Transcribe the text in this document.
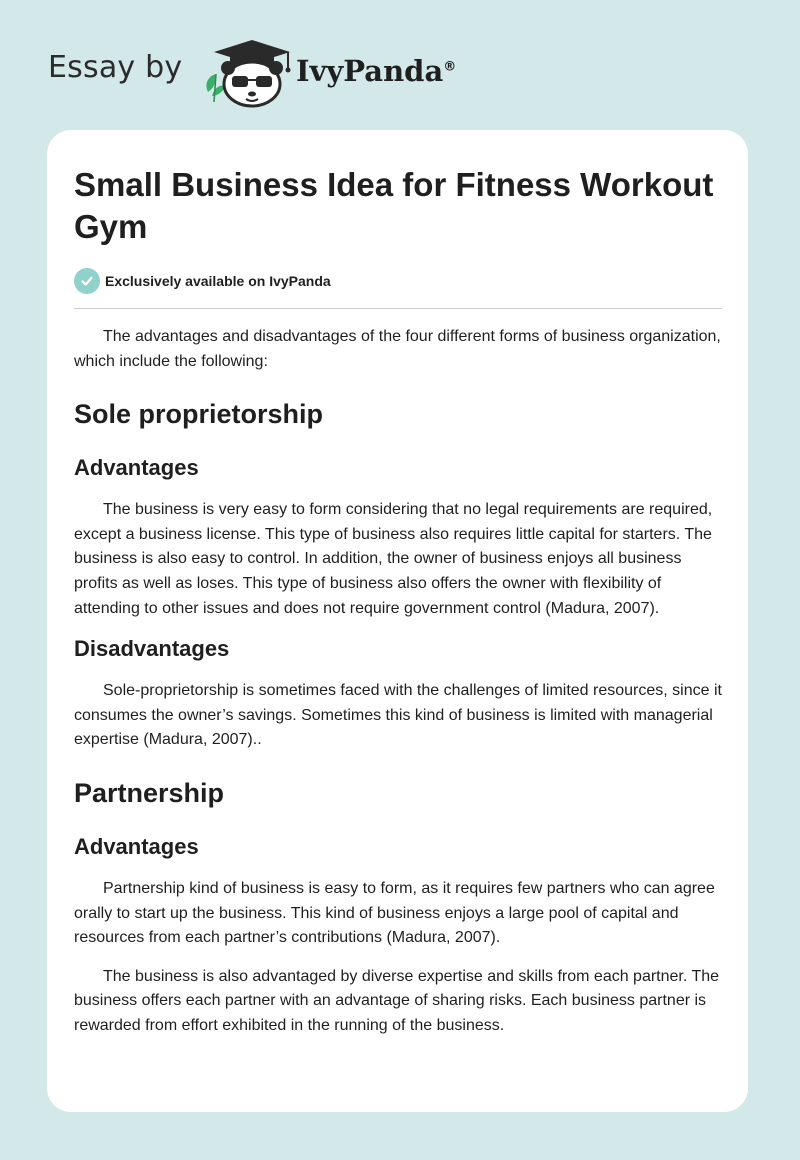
Essay by	IvyPanda®
Small Business Idea for Fitness Workout Gym
Exclusively available on IvyPanda

The advantages and disadvantages of the four different forms of business organization, which include the following:

Sole proprietorship
Advantages

The business is very easy to form considering that no legal requirements are required, except a business license. This type of business also requires little capital for starters. The business is also easy to control. In addition, the owner of business enjoys all business profits as well as loses. This type of business also offers the owner with flexibility of attending to other issues and does not require government control (Madura, 2007).

Disadvantages

Sole-proprietorship is sometimes faced with the challenges of limited resources, since it consumes the owner’s savings. Sometimes this kind of business is limited with managerial expertise (Madura, 2007)..

Partnership
Advantages

Partnership kind of business is easy to form, as it requires few partners who can agree orally to start up the business. This kind of business enjoys a large pool of capital and resources from each partner’s contributions (Madura, 2007).

The business is also advantaged by diverse expertise and skills from each partner. The business offers each partner with an advantage of sharing risks. Each business partner is rewarded from effort exhibited in the running of the business.
